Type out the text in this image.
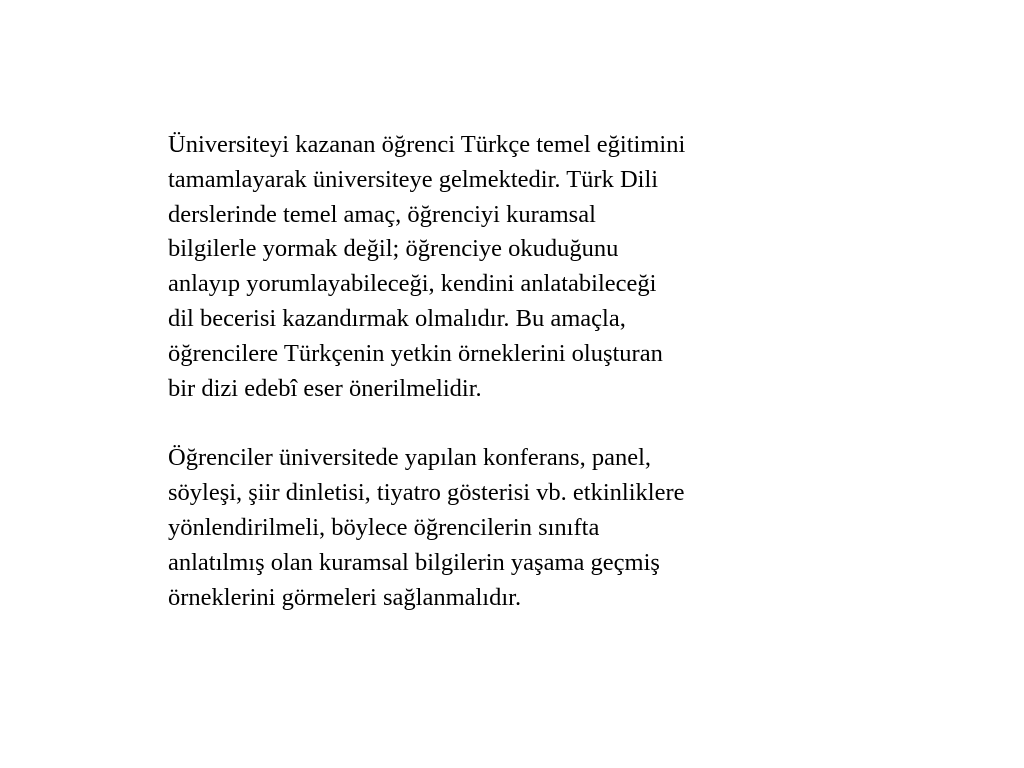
Üniversiteyi kazanan öğrenci Türkçe temel eğitimini
tamamlayarak üniversiteye gelmektedir. Türk Dili
derslerinde temel amaç, öğrenciyi kuramsal
bilgilerle yormak değil; öğrenciye okuduğunu
anlayıp yorumlayabileceği, kendini anlatabileceği
dil becerisi kazandırmak olmalıdır. Bu amaçla,
öğrencilere Türkçenin yetkin örneklerini oluşturan
bir dizi edebî eser önerilmelidir.

Öğrenciler üniversitede yapılan konferans, panel,
söyleşi, şiir dinletisi, tiyatro gösterisi vb. etkinliklere
yönlendirilmeli, böylece öğrencilerin sınıfta
anlatılmış olan kuramsal bilgilerin yaşama geçmiş
örneklerini görmeleri sağlanmalıdır.
